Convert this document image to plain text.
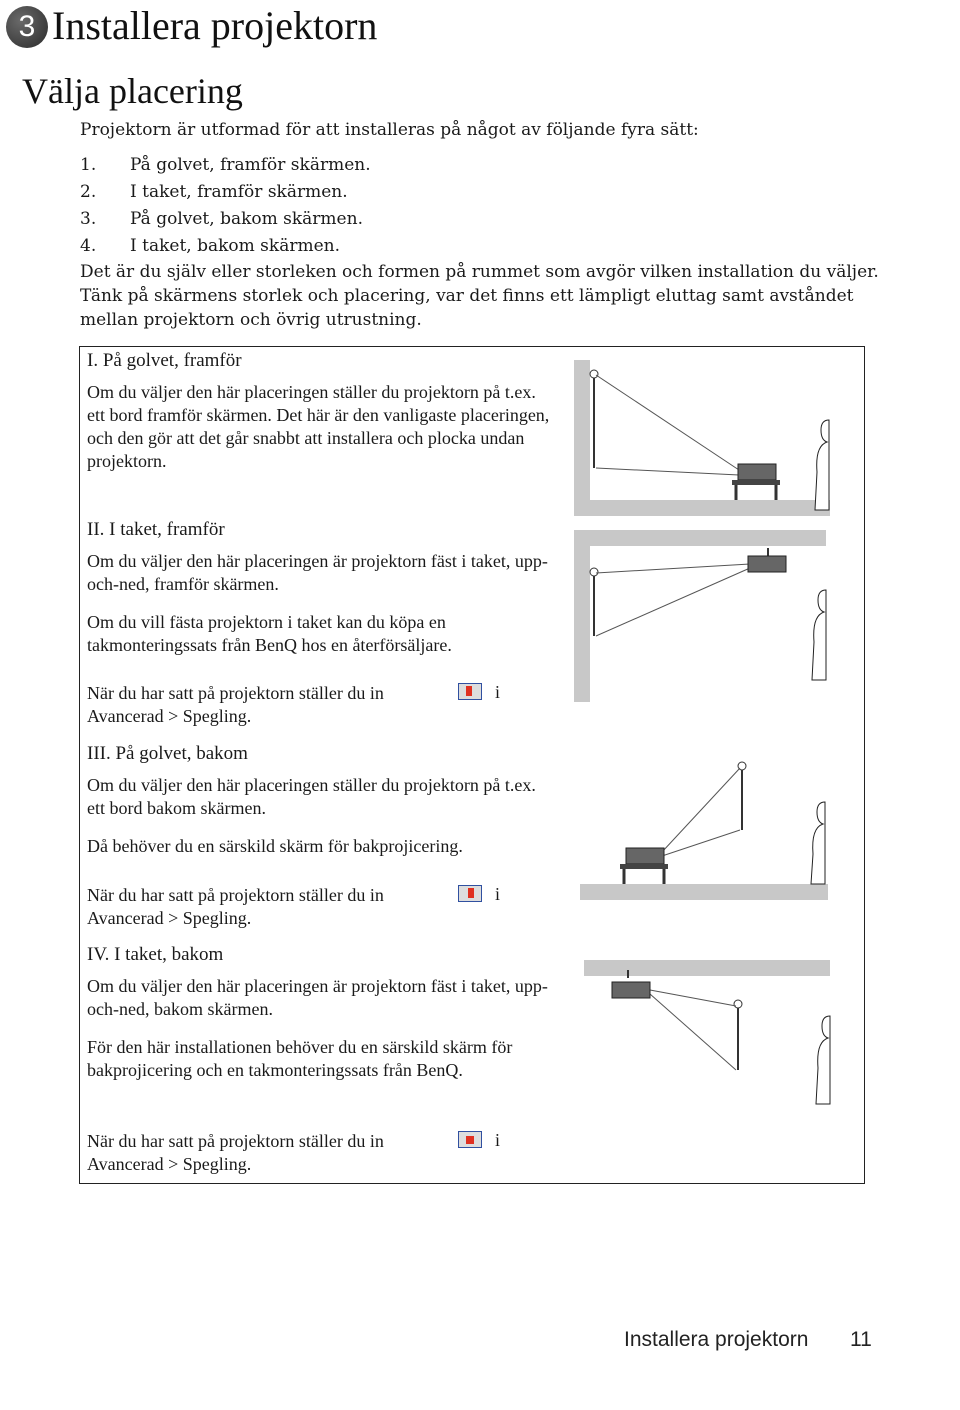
3 Installera projektorn
Välja placering
Projektorn är utformad för att installeras på något av följande fyra sätt:
1.	På golvet, framför skärmen.
2.	I taket, framför skärmen.
3.	På golvet, bakom skärmen.
4.	I taket, bakom skärmen.
Det är du själv eller storleken och formen på rummet som avgör vilken installation du väljer.
Tänk på skärmens storlek och placering, var det finns ett lämpligt eluttag samt avståndet mellan projektorn och övrig utrustning.
I. På golvet, framför
Om du väljer den här placeringen ställer du projektorn på t.ex. ett bord framför skärmen. Det här är den vanligaste placeringen, och den gör att det går snabbt att installera och plocka undan projektorn.
II. I taket, framför
Om du väljer den här placeringen är projektorn fäst i taket, upp-och-ned, framför skärmen.
Om du vill fästa projektorn i taket kan du köpa en takmonteringssats från BenQ hos en återförsäljare.
När du har satt på projektorn ställer du in	i
Avancerad > Spegling.
III. På golvet, bakom
Om du väljer den här placeringen ställer du projektorn på t.ex. ett bord bakom skärmen.
Då behöver du en särskild skärm för bakprojicering.
När du har satt på projektorn ställer du in	i
Avancerad > Spegling.
IV. I taket, bakom
Om du väljer den här placeringen är projektorn fäst i taket, upp-och-ned, bakom skärmen.
För den här installationen behöver du en särskild skärm för bakprojicering och en takmonteringssats från BenQ.
När du har satt på projektorn ställer du in	i
Avancerad > Spegling.
Installera projektorn 11
